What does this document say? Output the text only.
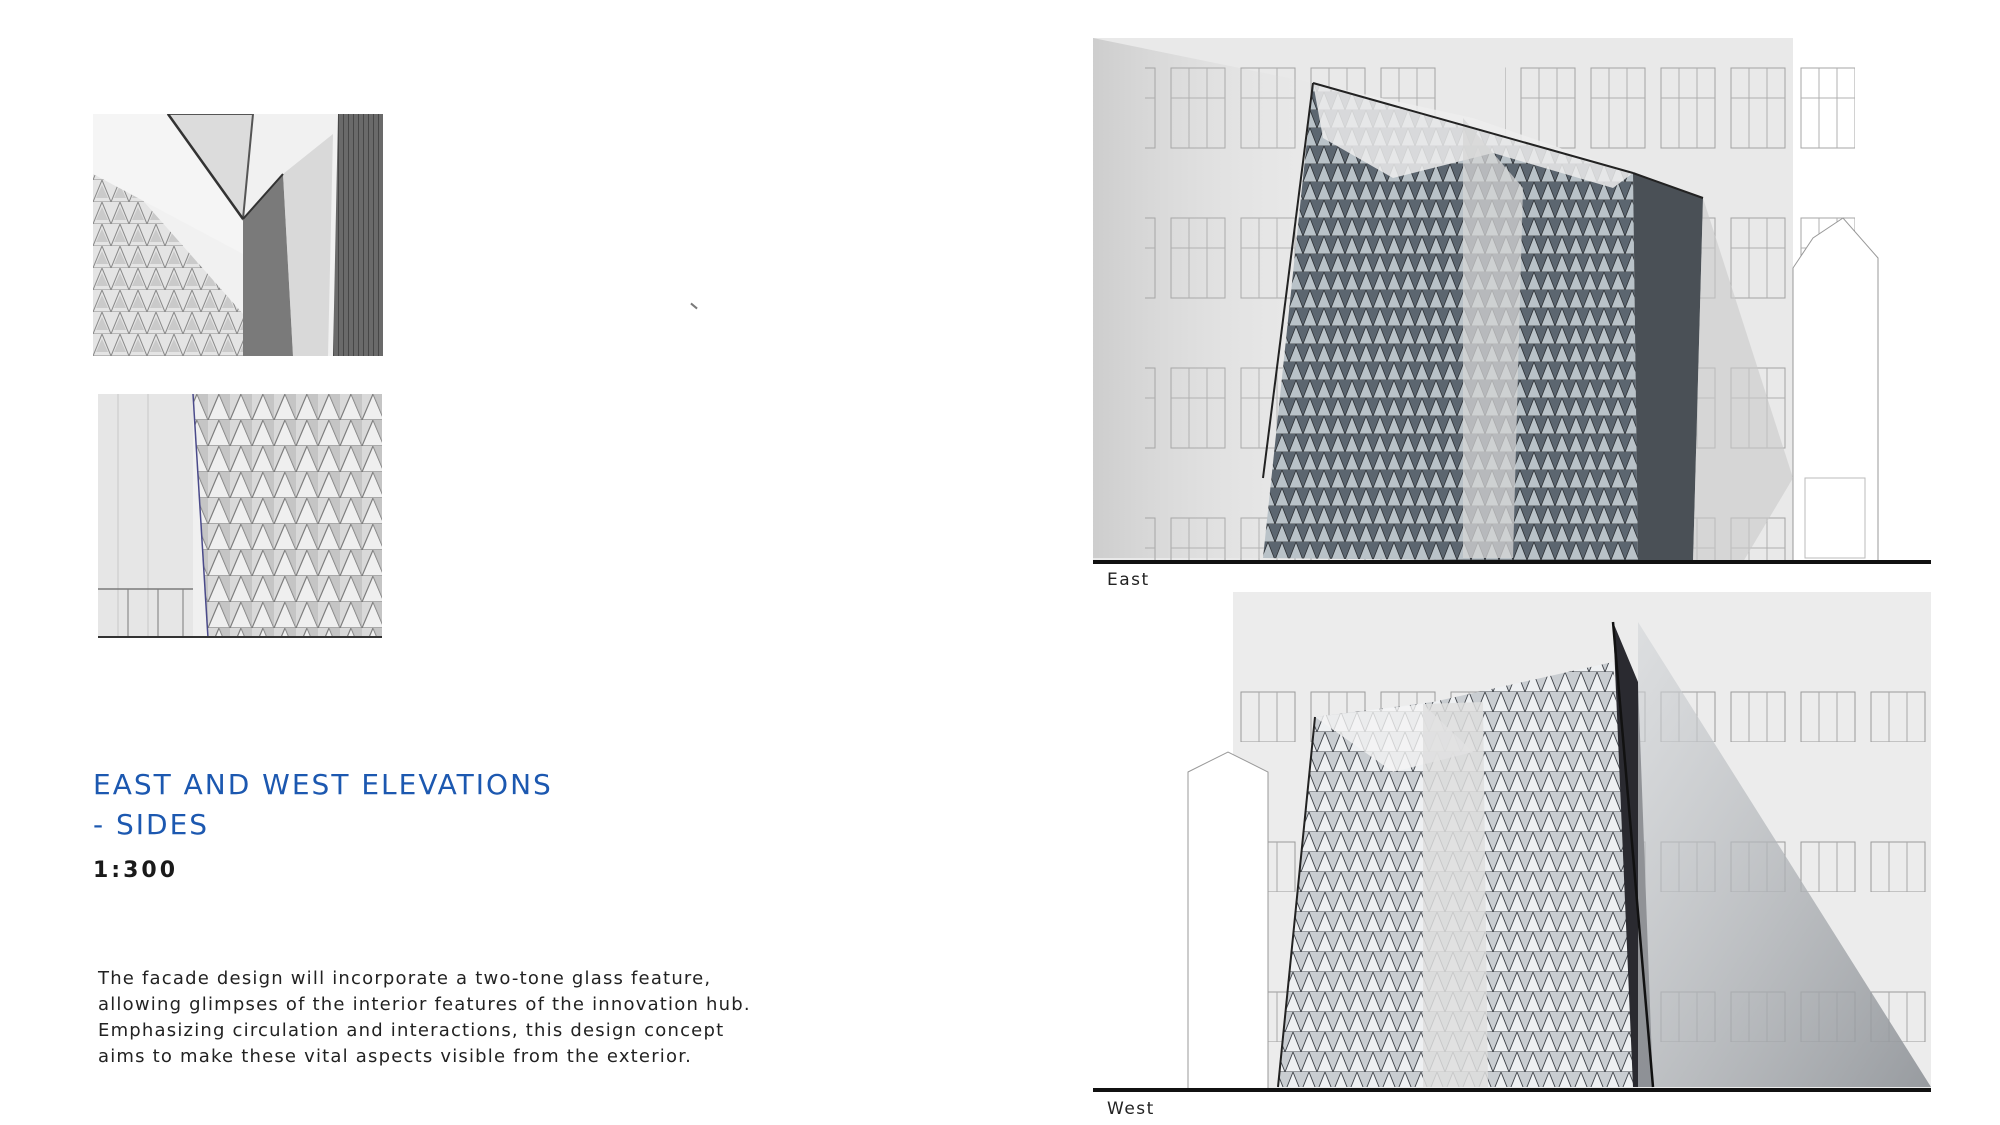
EAST AND WEST ELEVATIONS
- SIDES
1:300
The facade design will incorporate a two-tone glass feature,
allowing glimpses of the interior features of the innovation hub.
Emphasizing circulation and interactions, this design concept
aims to make these vital aspects visible from the exterior.
East
West
